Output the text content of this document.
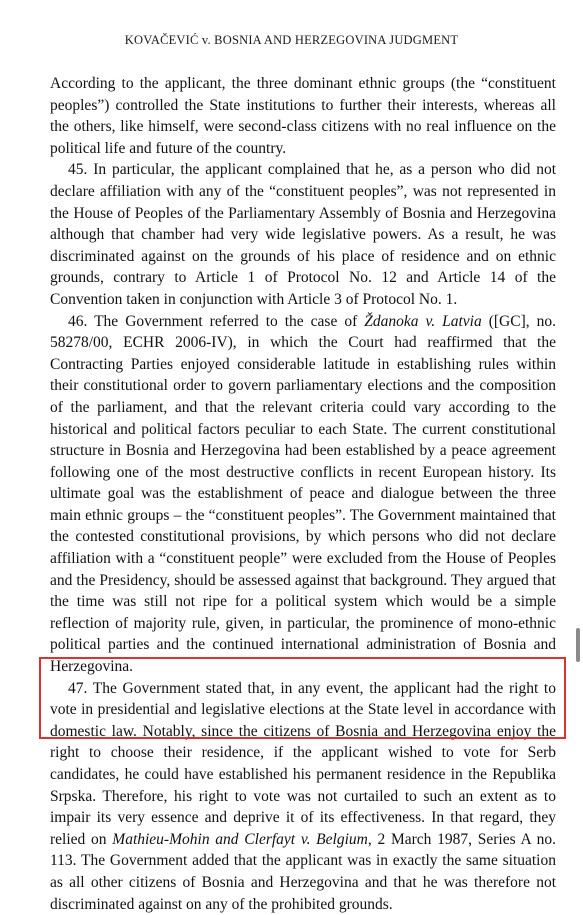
KOVAČEVIĆ v. BOSNIA AND HERZEGOVINA JUDGMENT

According to the applicant, the three dominant ethnic groups (the “constituent peoples”) controlled the State institutions to further their interests, whereas all the others, like himself, were second-class citizens with no real influence on the political life and future of the country.

45. In particular, the applicant complained that he, as a person who did not declare affiliation with any of the “constituent peoples”, was not represented in the House of Peoples of the Parliamentary Assembly of Bosnia and Herzegovina although that chamber had very wide legislative powers. As a result, he was discriminated against on the grounds of his place of residence and on ethnic grounds, contrary to Article 1 of Protocol No. 12 and Article 14 of the Convention taken in conjunction with Article 3 of Protocol No. 1.

46. The Government referred to the case of Ždanoka v. Latvia ([GC], no. 58278/00, ECHR 2006-IV), in which the Court had reaffirmed that the Contracting Parties enjoyed considerable latitude in establishing rules within their constitutional order to govern parliamentary elections and the composition of the parliament, and that the relevant criteria could vary according to the historical and political factors peculiar to each State. The current constitutional structure in Bosnia and Herzegovina had been established by a peace agreement following one of the most destructive conflicts in recent European history. Its ultimate goal was the establishment of peace and dialogue between the three main ethnic groups – the “constituent peoples”. The Government maintained that the contested constitutional provisions, by which persons who did not declare affiliation with a “constituent people” were excluded from the House of Peoples and the Presidency, should be assessed against that background. They argued that the time was still not ripe for a political system which would be a simple reflection of majority rule, given, in particular, the prominence of mono-ethnic political parties and the continued international administration of Bosnia and Herzegovina.

47. The Government stated that, in any event, the applicant had the right to vote in presidential and legislative elections at the State level in accordance with domestic law. Notably, since the citizens of Bosnia and Herzegovina enjoy the right to choose their residence, if the applicant wished to vote for Serb candidates, he could have established his permanent residence in the Republika Srpska. Therefore, his right to vote was not curtailed to such an extent as to impair its very essence and deprive it of its effectiveness. In that regard, they relied on Mathieu-Mohin and Clerfayt v. Belgium, 2 March 1987, Series A no. 113. The Government added that the applicant was in exactly the same situation as all other citizens of Bosnia and Herzegovina and that he was therefore not discriminated against on any of the prohibited grounds.
